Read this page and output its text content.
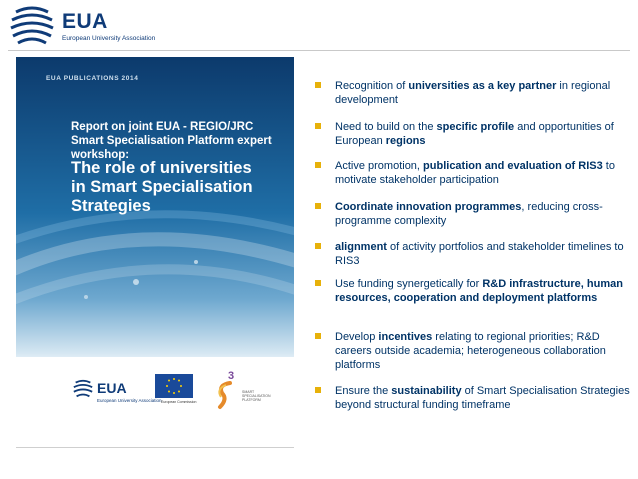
EUA
European University Association
EUA PUBLICATIONS 2014
Report on joint EUA - REGIO/JRC
Smart Specialisation Platform expert workshop:
The role of universities
in Smart Specialisation Strategies
EUA
European University Association European Commission
3
SMART SPECIALISATION PLATFORM
Recognition of universities as a key partner in regional development
Need to build on the specific profile and opportunities of European regions
Active promotion, publication and evaluation of RIS3 to motivate stakeholder participation
Coordinate innovation programmes, reducing cross-programme complexity
alignment of activity portfolios and stakeholder timelines to RIS3
Use funding synergetically for R&D infrastructure, human resources, cooperation and deployment platforms
Develop incentives relating to regional priorities; R&D careers outside academia; heterogeneous collaboration platforms
Ensure the sustainability of Smart Specialisation Strategies beyond structural funding timeframe
